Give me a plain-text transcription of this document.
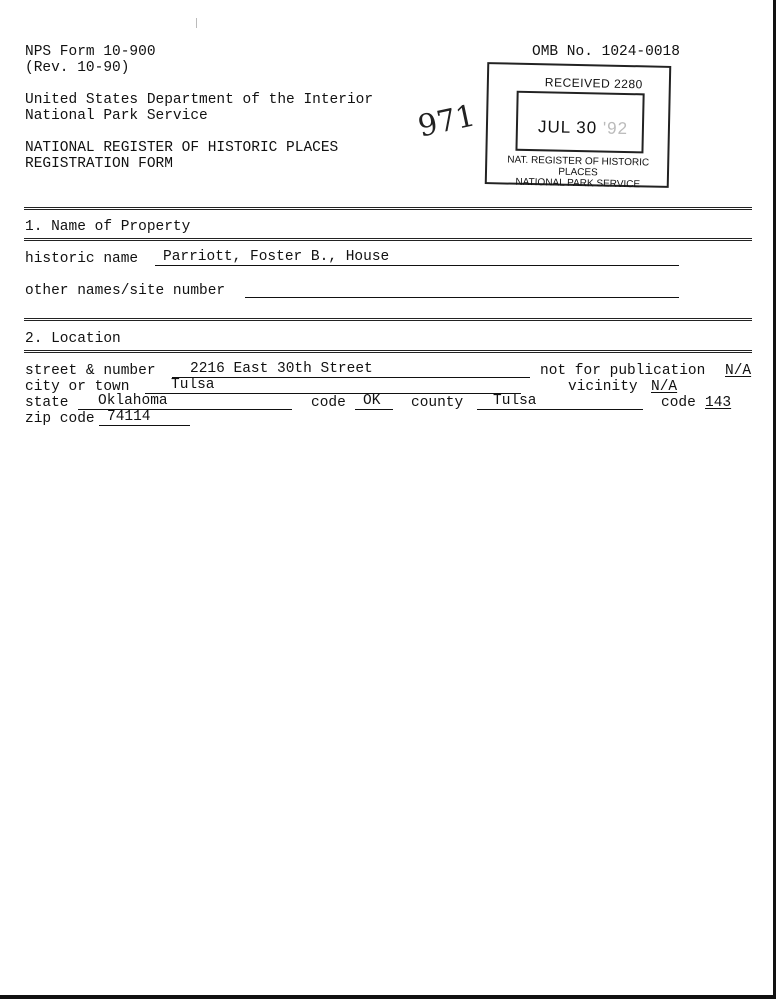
NPS Form 10-900
(Rev. 10-90)
OMB No. 1024-0018
United States Department of the Interior
National Park Service
NATIONAL REGISTER OF HISTORIC PLACES
REGISTRATION FORM
971
RECEIVED 2280
JUL 30 '92
NAT. REGISTER OF HISTORIC PLACES
NATIONAL PARK SERVICE
1. Name of Property
historic name	Parriott, Foster B., House
other names/site number
2. Location
street & number	2216 East 30th Street	not for publication N/A
city or town	Tulsa	vicinity N/A
state	Oklahoma	code	OK	county	Tulsa	code 143
zip code 74114
